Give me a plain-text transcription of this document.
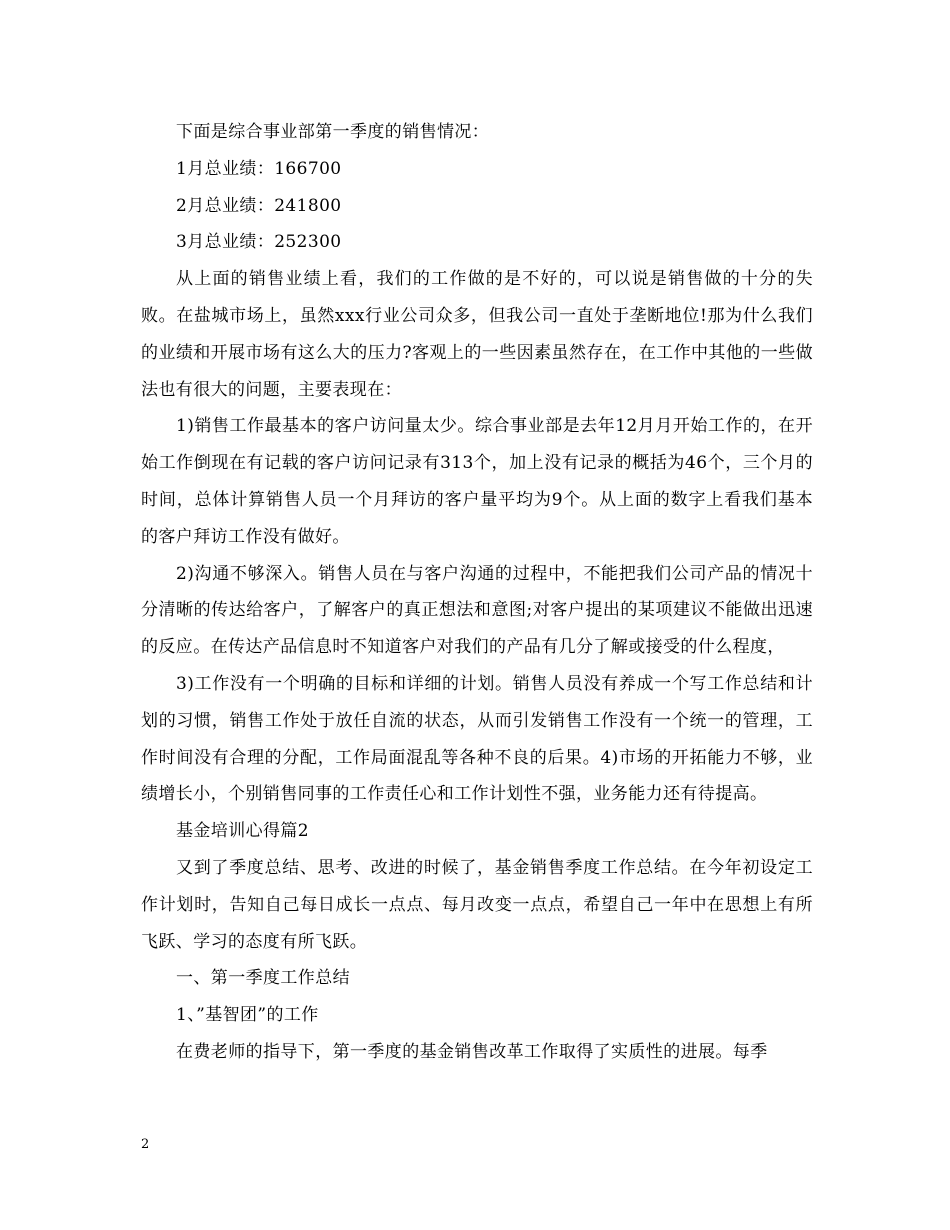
下面是综合事业部第一季度的销售情况：

1月总业绩：166700

2月总业绩：241800

3月总业绩：252300

从上面的销售业绩上看，我们的工作做的是不好的，可以说是销售做的十分的失败。在盐城市场上，虽然xxx行业公司众多，但我公司一直处于垄断地位!那为什么我们的业绩和开展市场有这么大的压力?客观上的一些因素虽然存在，在工作中其他的一些做法也有很大的问题，主要表现在：

1)销售工作最基本的客户访问量太少。综合事业部是去年12月月开始工作的，在开始工作倒现在有记载的客户访问记录有313个，加上没有记录的概括为46个，三个月的时间，总体计算销售人员一个月拜访的客户量平均为9个。从上面的数字上看我们基本的客户拜访工作没有做好。

2)沟通不够深入。销售人员在与客户沟通的过程中，不能把我们公司产品的情况十分清晰的传达给客户，了解客户的真正想法和意图;对客户提出的某项建议不能做出迅速的反应。在传达产品信息时不知道客户对我们的产品有几分了解或接受的什么程度，

3)工作没有一个明确的目标和详细的计划。销售人员没有养成一个写工作总结和计划的习惯，销售工作处于放任自流的状态，从而引发销售工作没有一个统一的管理，工作时间没有合理的分配，工作局面混乱等各种不良的后果。4)市场的开拓能力不够，业绩增长小，个别销售同事的工作责任心和工作计划性不强，业务能力还有待提高。

基金培训心得篇2

又到了季度总结、思考、改进的时候了，基金销售季度工作总结。在今年初设定工作计划时，告知自己每日成长一点点、每月改变一点点，希望自己一年中在思想上有所飞跃、学习的态度有所飞跃。

一、第一季度工作总结

1、”基智团”的工作

在费老师的指导下，第一季度的基金销售改革工作取得了实质性的进展。每季

2
